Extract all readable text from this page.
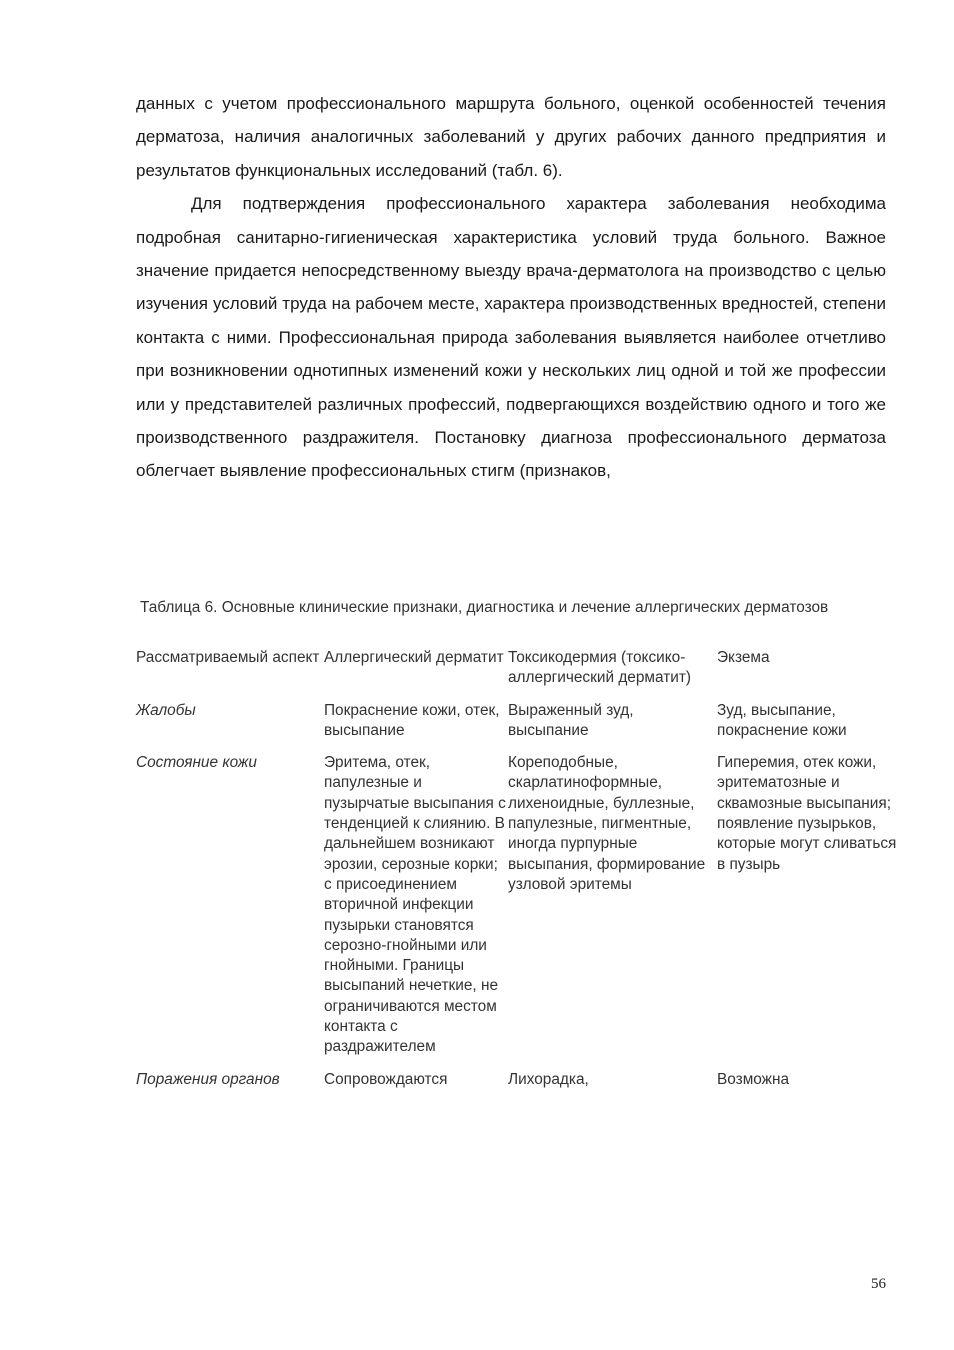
данных с учетом профессионального маршрута больного, оценкой особенностей течения дерматоза, наличия аналогичных заболеваний у других рабочих данного предприятия и результатов функциональных исследований (табл. 6).

Для подтверждения профессионального характера заболевания необходима подробная санитарно-гигиеническая характеристика условий труда больного. Важное значение придается непосредственному выезду врача-дерматолога на производство с целью изучения условий труда на рабочем месте, характера производственных вредностей, степени контакта с ними. Профессиональная природа заболевания выявляется наиболее отчетливо при возникновении однотипных изменений кожи у нескольких лиц одной и той же профессии или у представителей различных профессий, подвергающихся воздействию одного и того же производственного раздражителя. Постановку диагноза профессионального дерматоза облегчает выявление профессиональных стигм (признаков,

Таблица 6. Основные клинические признаки, диагностика и лечение аллергических дерматозов
Рассматриваемый аспект	Аллергический дерматит	Токсикодермия (токсико-аллергический дерматит)	Экзема
Жалобы	Покраснение кожи, отек, высыпание	Выраженный зуд, высыпание	Зуд, высыпание, покраснение кожи
Состояние кожи	Эритема, отек, папулезные и пузырчатые высыпания с тенденцией к слиянию. В дальнейшем возникают эрозии, серозные корки; с присоединением вторичной инфекции пузырьки становятся серозно-гнойными или гнойными. Границы высыпаний нечеткие, не ограничиваются местом контакта с раздражителем	Кореподобные, скарлатиноформные, лихеноидные, буллезные, папулезные, пигментные, иногда пурпурные высыпания, формирование узловой эритемы	Гиперемия, отек кожи, эритематозные и сквамозные высыпания; появление пузырьков, которые могут сливаться в пузырь
Поражения органов	Сопровождаются	Лихорадка,	Возможна
56
